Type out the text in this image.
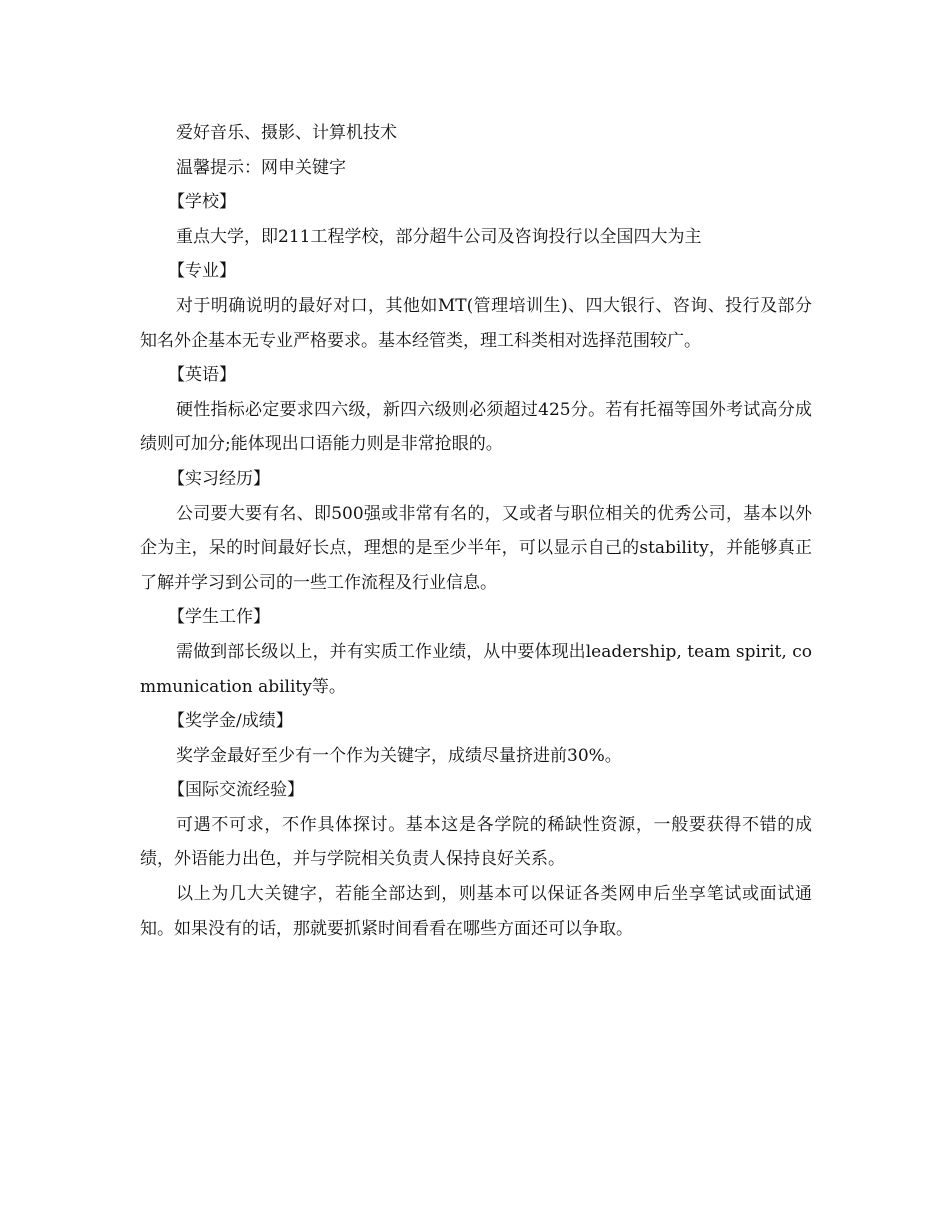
爱好音乐、摄影、计算机技术

温馨提示：网申关键字

【学校】

重点大学，即211工程学校，部分超牛公司及咨询投行以全国四大为主

【专业】

对于明确说明的最好对口，其他如MT(管理培训生)、四大银行、咨询、投行及部分知名外企基本无专业严格要求。基本经管类，理工科类相对选择范围较广。

【英语】

硬性指标必定要求四六级，新四六级则必须超过425分。若有托福等国外考试高分成绩则可加分;能体现出口语能力则是非常抢眼的。

【实习经历】

公司要大要有名、即500强或非常有名的，又或者与职位相关的优秀公司，基本以外企为主，呆的时间最好长点，理想的是至少半年，可以显示自己的stability，并能够真正了解并学习到公司的一些工作流程及行业信息。

【学生工作】

需做到部长级以上，并有实质工作业绩，从中要体现出leadership, team spirit, communication ability等。

【奖学金/成绩】

奖学金最好至少有一个作为关键字，成绩尽量挤进前30%。

【国际交流经验】

可遇不可求，不作具体探讨。基本这是各学院的稀缺性资源，一般要获得不错的成绩，外语能力出色，并与学院相关负责人保持良好关系。

以上为几大关键字，若能全部达到，则基本可以保证各类网申后坐享笔试或面试通知。如果没有的话，那就要抓紧时间看看在哪些方面还可以争取。
